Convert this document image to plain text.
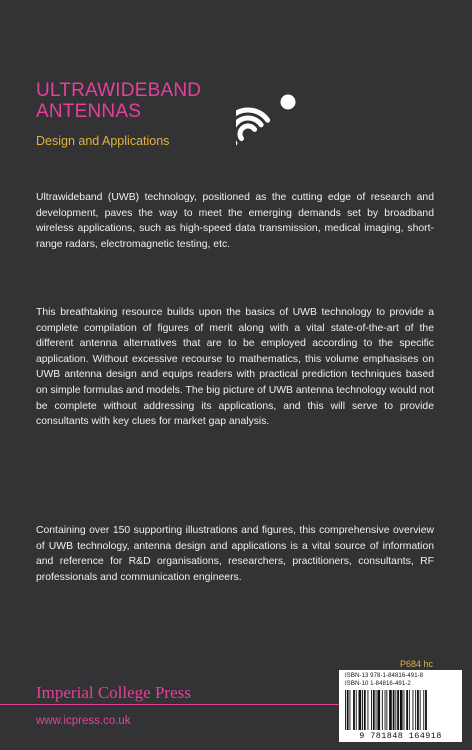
ULTRAWIDEBAND
ANTENNAS
Design and Applications

Ultrawideband (UWB) technology, positioned as the cutting edge of research and development, paves the way to meet the emerging demands set by broadband wireless applications, such as high-speed data transmission, medical imaging, short-range radars, electromagnetic testing, etc.

This breathtaking resource builds upon the basics of UWB technology to provide a complete compilation of figures of merit along with a vital state-of-the-art of the different antenna alternatives that are to be employed according to the specific application. Without excessive recourse to mathematics, this volume emphasises on UWB antenna design and equips readers with practical prediction techniques based on simple formulas and models. The big picture of UWB antenna technology would not be complete without addressing its applications, and this will serve to provide consultants with key clues for market gap analysis.

Containing over 150 supporting illustrations and figures, this comprehensive overview of UWB technology, antenna design and applications is a vital source of information and reference for R&D organisations, researchers, practitioners, consultants, RF professionals and communication engineers.

P684 hc
Imperial College Press
www.icpress.co.uk
ISBN-13 978-1-84816-491-8
ISBN-10 1-84816-491-2
9 781848 164918
